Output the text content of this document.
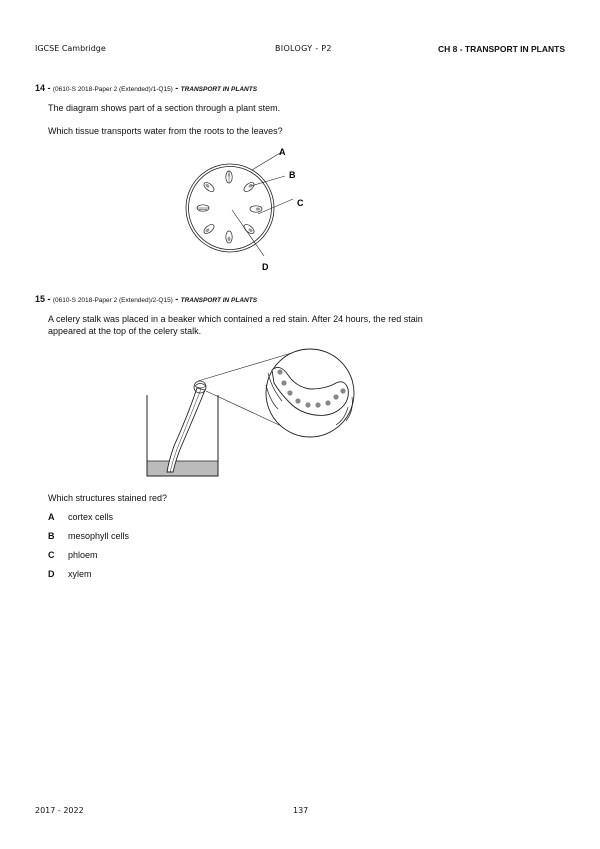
IGCSE Cambridge	BIOLOGY - P2	CH 8 - TRANSPORT IN PLANTS
14 - (0610-S 2018-Paper 2 (Extended)/1-Q15) - TRANSPORT IN PLANTS
The diagram shows part of a section through a plant stem.
Which tissue transports water from the roots to the leaves?
A
B
C
D
15 - (0610-S 2018-Paper 2 (Extended)/2-Q15) - TRANSPORT IN PLANTS
A celery stalk was placed in a beaker which contained a red stain. After 24 hours, the red stain
appeared at the top of the celery stalk.
Which structures stained red?
A cortex cells
B mesophyll cells
C phloem
D xylem
2017 - 2022	137
